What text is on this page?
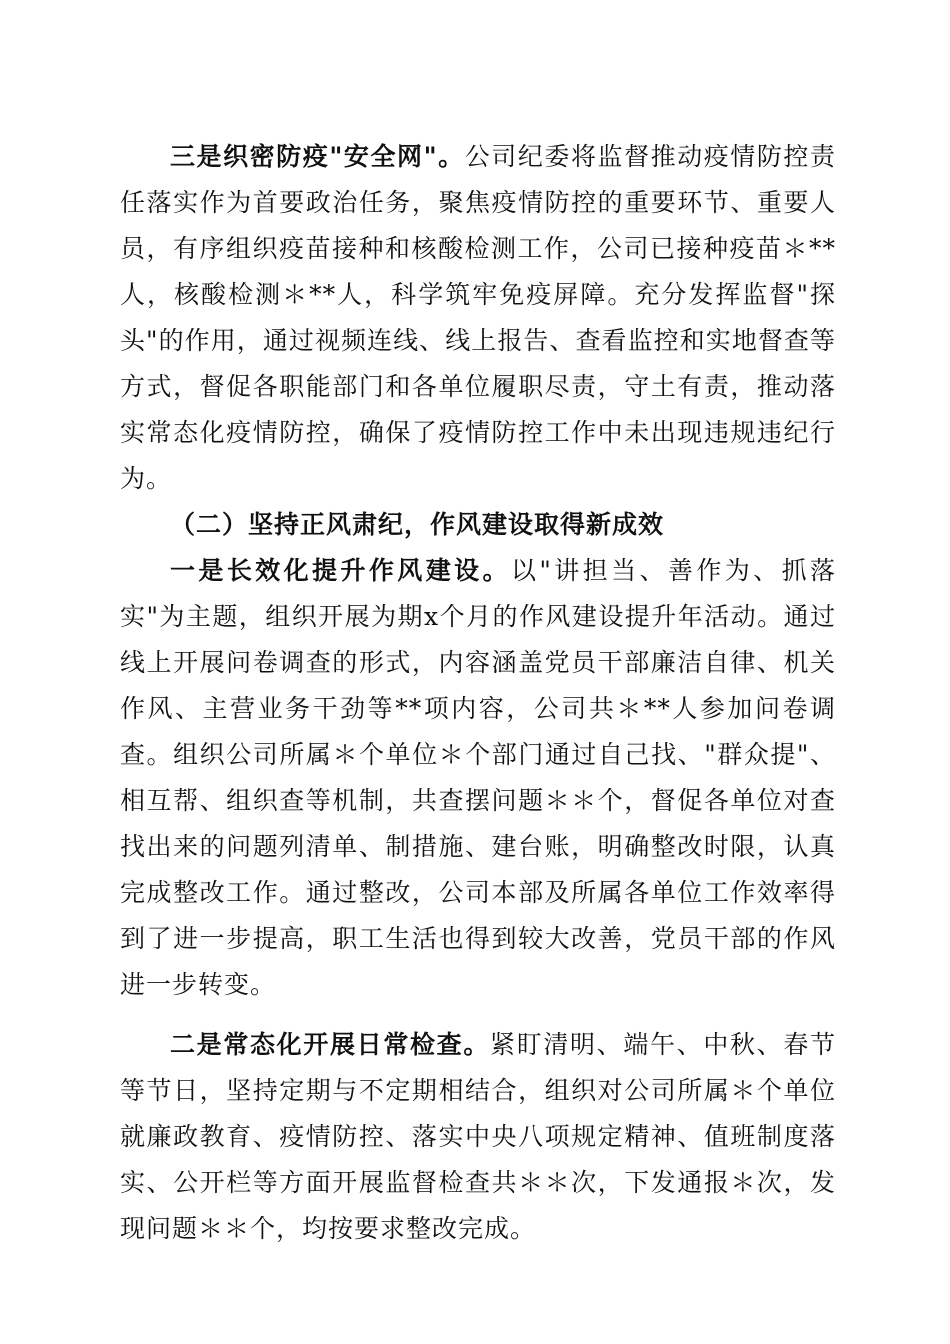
三是织密防疫"安全网"。公司纪委将监督推动疫情防控责任落实作为首要政治任务，聚焦疫情防控的重要环节、重要人员，有序组织疫苗接种和核酸检测工作，公司已接种疫苗＊**人，核酸检测＊**人，科学筑牢免疫屏障。充分发挥监督"探头"的作用，通过视频连线、线上报告、查看监控和实地督查等方式，督促各职能部门和各单位履职尽责，守土有责，推动落实常态化疫情防控，确保了疫情防控工作中未出现违规违纪行为。

（二）坚持正风肃纪，作风建设取得新成效

一是长效化提升作风建设。以"讲担当、善作为、抓落实"为主题，组织开展为期x个月的作风建设提升年活动。通过线上开展问卷调查的形式，内容涵盖党员干部廉洁自律、机关作风、主营业务干劲等**项内容，公司共＊**人参加问卷调查。组织公司所属＊个单位＊个部门通过自己找、"群众提"、相互帮、组织查等机制，共查摆问题＊＊个，督促各单位对查找出来的问题列清单、制措施、建台账，明确整改时限，认真完成整改工作。通过整改，公司本部及所属各单位工作效率得到了进一步提高，职工生活也得到较大改善，党员干部的作风进一步转变。

二是常态化开展日常检查。紧盯清明、端午、中秋、春节等节日，坚持定期与不定期相结合，组织对公司所属＊个单位就廉政教育、疫情防控、落实中央八项规定精神、值班制度落实、公开栏等方面开展监督检查共＊＊次，下发通报＊次，发现问题＊＊个，均按要求整改完成。
